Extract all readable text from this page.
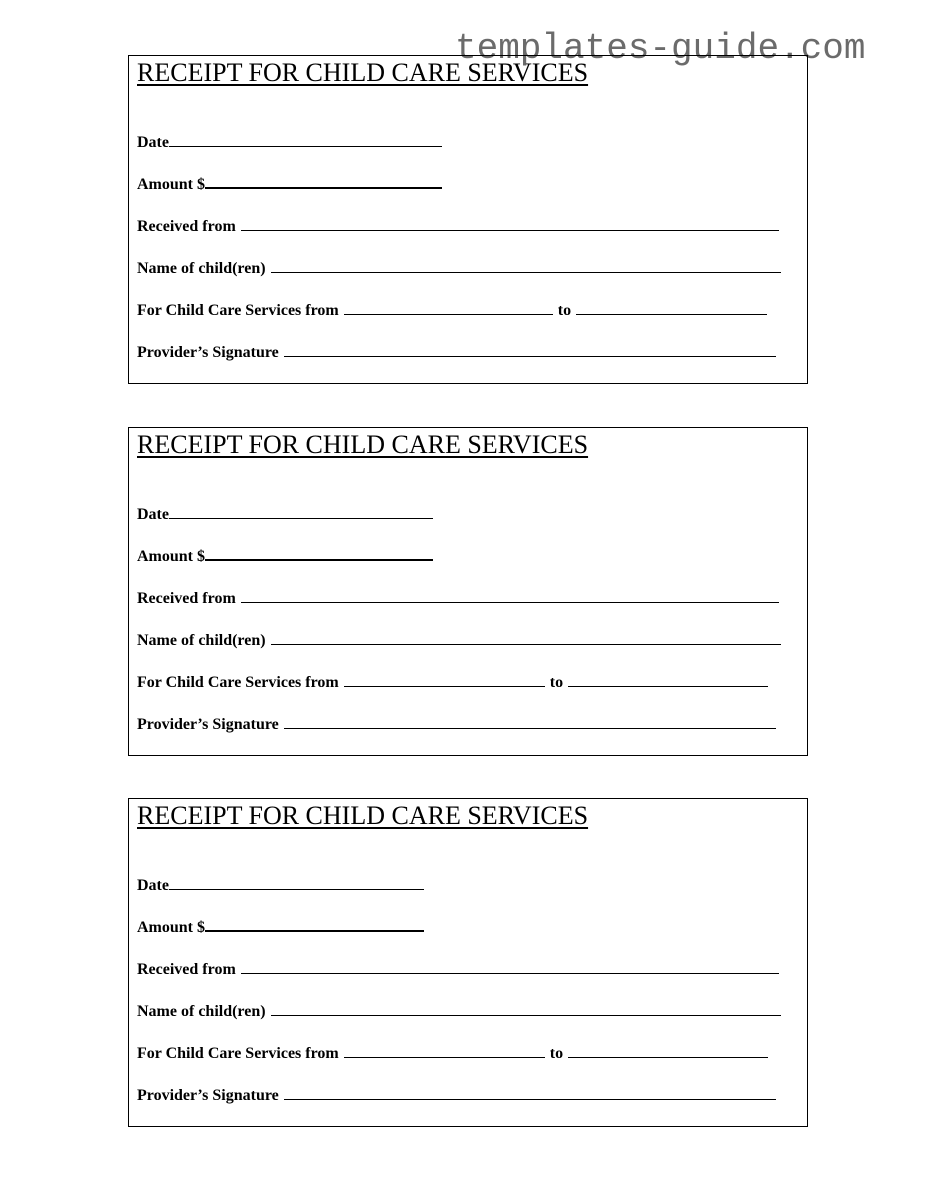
templates-guide.com
RECEIPT FOR CHILD CARE SERVICES
Date
Amount $
Received from
Name of child(ren)
For Child Care Services from	to
Provider’s Signature
RECEIPT FOR CHILD CARE SERVICES
Date
Amount $
Received from
Name of child(ren)
For Child Care Services from	to
Provider’s Signature
RECEIPT FOR CHILD CARE SERVICES
Date
Amount $
Received from
Name of child(ren)
For Child Care Services from	to
Provider’s Signature
